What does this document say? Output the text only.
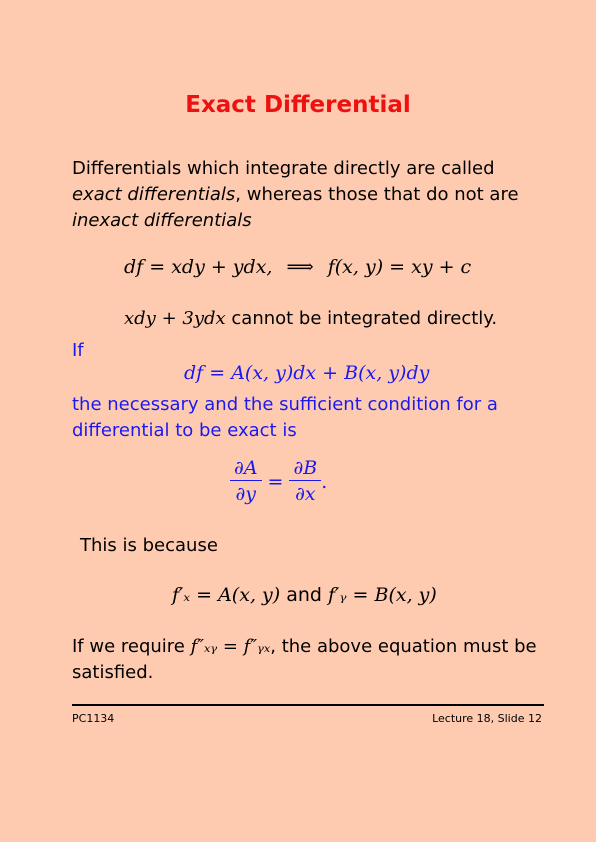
Exact Differential
Differentials which integrate directly are called exact differentials, whereas those that do not are inexact differentials
df = xdy + ydx, ⟹ f(x, y) = xy + c
xdy + 3ydx cannot be integrated directly.
If
df = A(x, y)dx + B(x, y)dy
the necessary and the sufficient condition for a differential to be exact is
$\frac{\partial A}{\partial y} = \frac{\partial B}{\partial x}$ .
This is because
f′ₓ = A(x, y) and f′ᵧ = B(x, y)
If we require f″ₓᵧ = f″ᵧₓ, the above equation must be satisfied.
PC1134	Lecture 18, Slide 12
